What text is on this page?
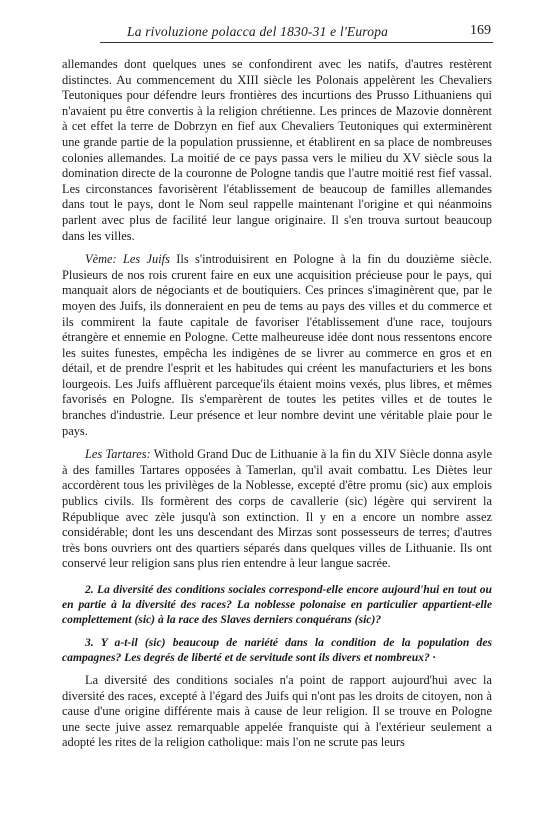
La rivoluzione polacca del 1830-31 e l'Europa	169

allemandes dont quelques unes se confondirent avec les natifs, d'autres restèrent distinctes. Au commencement du XIII siècle les Polonais appelèrent les Chevaliers Teutoniques pour défendre leurs frontières des incurtions des Prusso Lithuaniens qui n'avaient pu être convertis à la religion chrétienne. Les princes de Mazovie donnèrent à cet effet la terre de Dobrzyn en fief aux Chevaliers Teutoniques qui exterminèrent une grande partie de la population prussienne, et établirent en sa place de nombreuses colonies allemandes. La moitié de ce pays passa vers le milieu du XV siècle sous la domination directe de la couronne de Pologne tandis que l'autre moitié rest fief vassal. Les circonstances favorisèrent l'établissement de beaucoup de familles allemandes dans tout le pays, dont le Nom seul rappelle maintenant l'origine et qui néanmoins parlent avec plus de facilité leur langue originaire. Il s'en trouva surtout beaucoup dans les villes.

Vème: Les Juifs Ils s'introduisirent en Pologne à la fin du douzième siècle. Plusieurs de nos rois crurent faire en eux une acquisition précieuse pour le pays, qui manquait alors de négociants et de boutiquiers. Ces princes s'imaginèrent que, par le moyen des Juifs, ils donneraient en peu de tems au pays des villes et du commerce et ils commirent la faute capitale de favoriser l'établissement d'une race, toujours étrangère et ennemie en Pologne. Cette malheureuse idée dont nous ressentons encore les suites funestes, empêcha les indigènes de se livrer au commerce en gros et en détail, et de prendre l'esprit et les habitudes qui créent les manufacturiers et les bons lourgeois. Les Juifs affluèrent parceque'ils étaient moins vexés, plus libres, et mêmes favorisés en Pologne. Ils s'emparèrent de toutes les petites villes et de toutes le branches d'industrie. Leur présence et leur nombre devint une véritable plaie pour le pays.

Les Tartares: Withold Grand Duc de Lithuanie à la fin du XIV Siècle donna asyle à des familles Tartares opposées à Tamerlan, qu'il avait combattu. Les Diètes leur accordèrent tous les privilèges de la Noblesse, excepté d'être promu (sic) aux emplois publics civils. Ils formèrent des corps de cavallerie (sic) légère qui servirent la République avec zèle jusqu'à son extinction. Il y en a encore un nombre assez considérable; dont les uns descendant des Mirzas sont possesseurs de terres; d'autres très bons ouvriers ont des quartiers séparés dans quelques villes de Lithuanie. Ils ont conservé leur religion sans plus rien entendre à leur langue sacrée.

2. La diversité des conditions sociales correspond-elle encore aujourd'hui en tout ou en partie à la diversité des races? La noblesse polonaise en particulier appartient-elle complettement (sic) à la race des Slaves derniers conquérans (sic)?

3. Y a-t-il (sic) beaucoup de nariété dans la condition de la population des campagnes? Les degrés de liberté et de servitude sont ils divers et nombreux? ·

La diversité des conditions sociales n'a point de rapport aujourd'hui avec la diversité des races, excepté à l'égard des Juifs qui n'ont pas les droits de citoyen, non à cause d'une origine différente mais à cause de leur religion. Il se trouve en Pologne une secte juive assez remarquable appelée franquiste qui à l'extérieur seulement a adopté les rites de la religion catholique: mais l'on ne scrute pas leurs
